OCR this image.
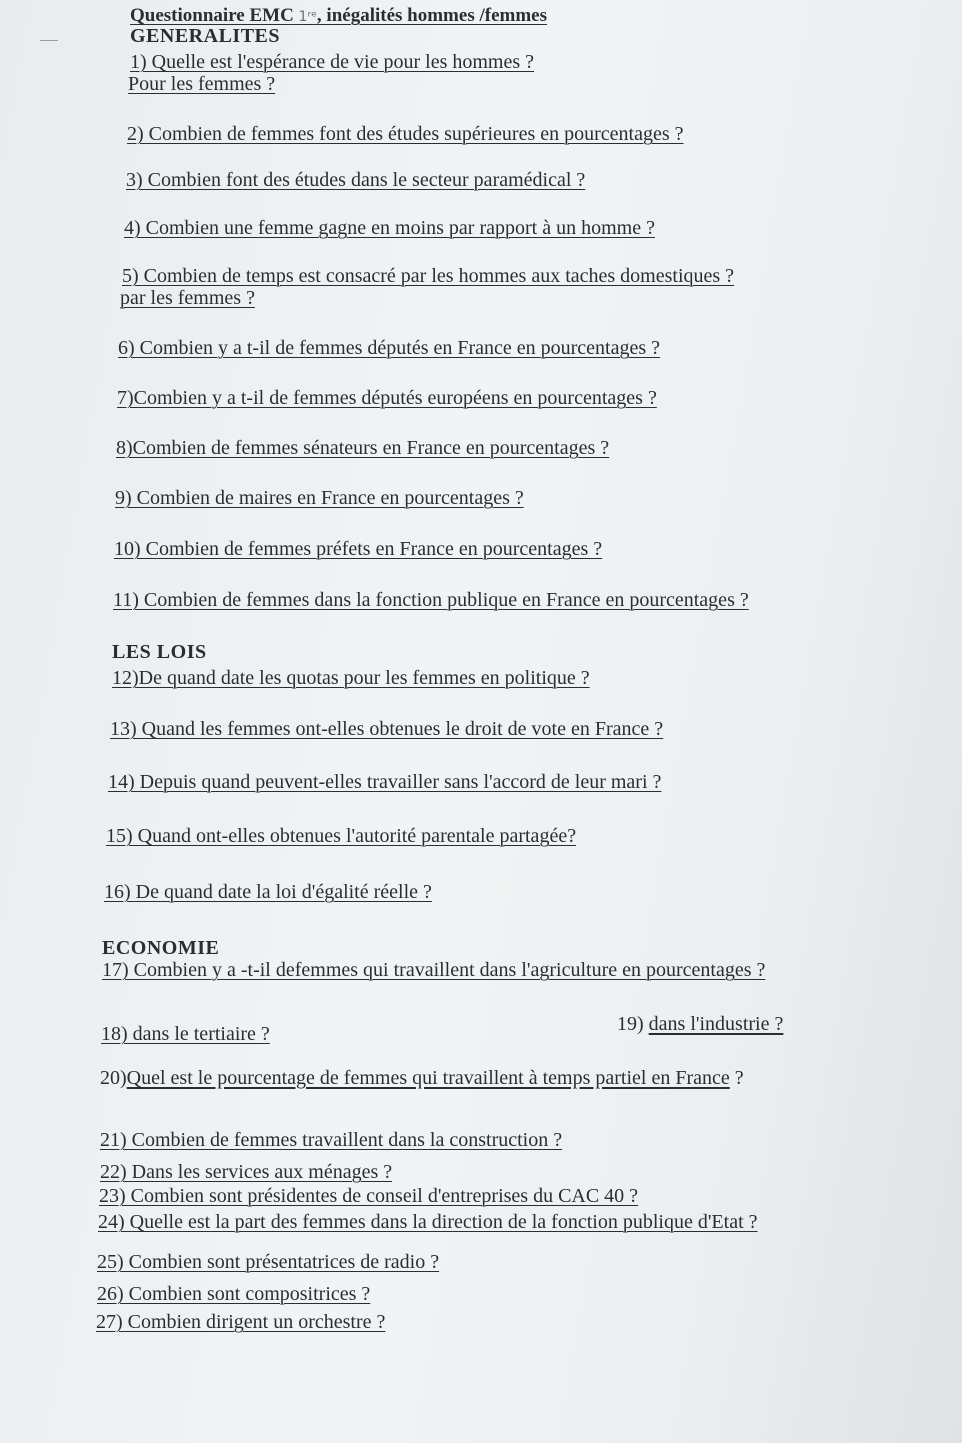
Questionnaire EMC 1ʳᵉ, inégalités hommes /femmes
GENERALITES
1) Quelle est l'espérance de vie pour les hommes ?
Pour les femmes ?
2) Combien de femmes font des études supérieures en pourcentages ?
3) Combien font des études dans le secteur paramédical ?
4) Combien une femme gagne en moins par rapport à un homme ?
5) Combien de temps est consacré par les hommes aux taches domestiques ?
par les femmes ?
6) Combien y a t-il de femmes députés en France en pourcentages ?
7)Combien y a t-il de femmes députés européens en pourcentages ?
8)Combien de femmes sénateurs en France en pourcentages ?
9) Combien de maires en France en pourcentages ?
10) Combien de femmes préfets en France en pourcentages ?
11) Combien de femmes dans la fonction publique en France en pourcentages ?
LES LOIS
12)De quand date les quotas pour les femmes en politique ?
13) Quand les femmes ont-elles obtenues le droit de vote en France ?
14) Depuis quand peuvent-elles travailler sans l'accord de leur mari ?
15) Quand ont-elles obtenues l'autorité parentale partagée?
16) De quand date la loi d'égalité réelle ?
ECONOMIE
17) Combien y a -t-il defemmes qui travaillent dans l'agriculture en pourcentages ?
18) dans le tertiaire ?	19) dans l'industrie ?
20)Quel est le pourcentage de femmes qui travaillent à temps partiel en France ?
21) Combien de femmes travaillent dans la construction ?
22) Dans les services aux ménages ?
23) Combien sont présidentes de conseil d'entreprises du CAC 40 ?
24) Quelle est la part des femmes dans la direction de la fonction publique d'Etat ?
25) Combien sont présentatrices de radio ?
26) Combien sont compositrices ?
27) Combien dirigent un orchestre ?
